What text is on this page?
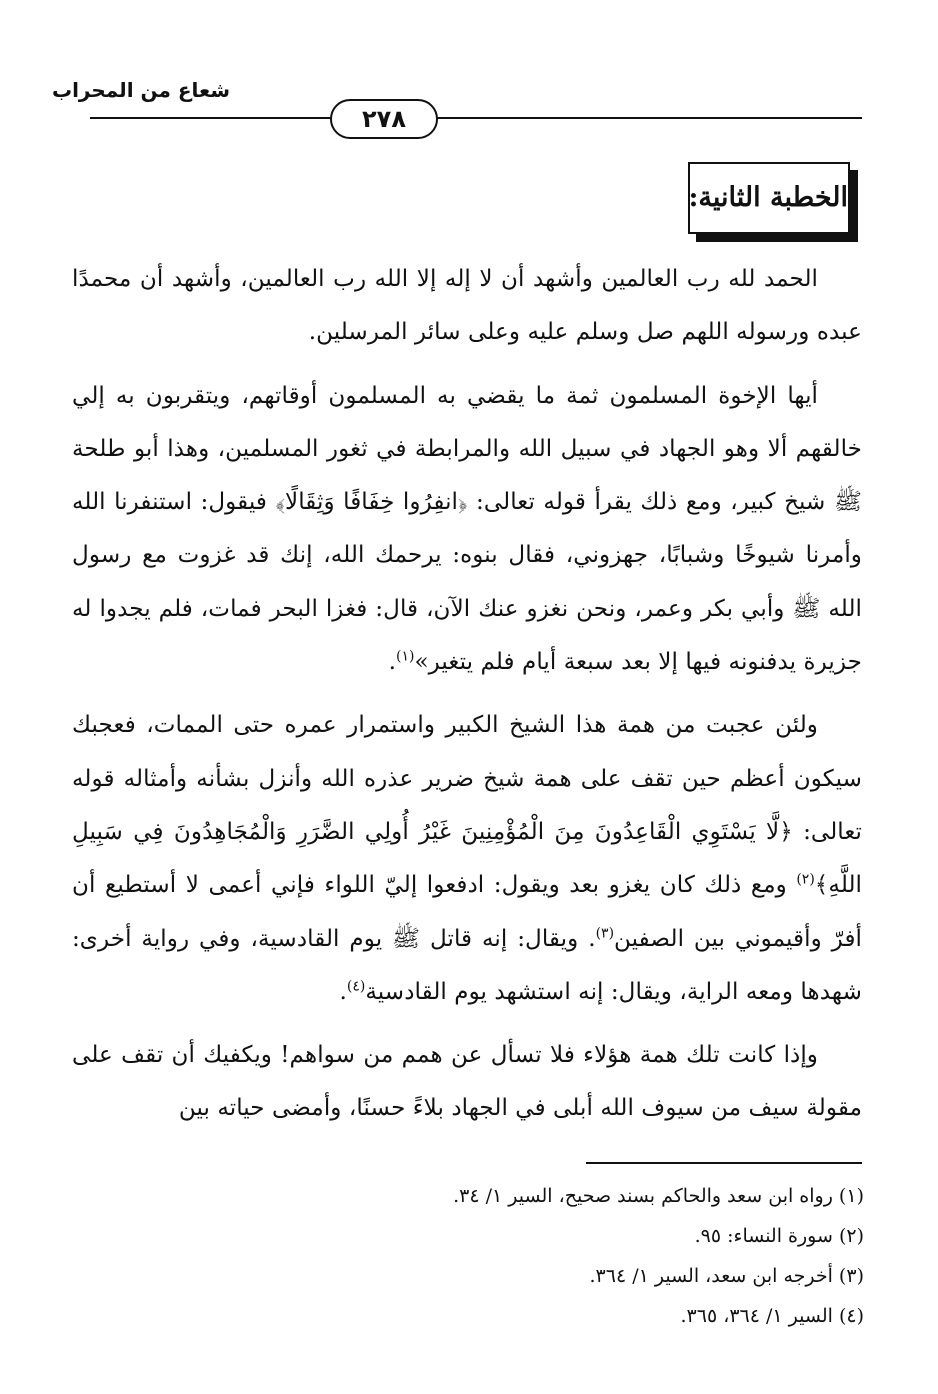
شعاع من المحراب
٢٧٨
الخطبة الثانية:

الحمد لله رب العالمين وأشهد أن لا إله إلا الله رب العالمين، وأشهد أن محمدًا عبده ورسوله اللهم صل وسلم عليه وعلى سائر المرسلين.

أيها الإخوة المسلمون ثمة ما يقضي به المسلمون أوقاتهم، ويتقربون به إلي خالقهم ألا وهو الجهاد في سبيل الله والمرابطة في ثغور المسلمين، وهذا أبو طلحة ﷺ شيخ كبير، ومع ذلك يقرأ قوله تعالى: ﴿انفِرُوا خِفَافًا وَثِقَالًا﴾ فيقول: استنفرنا الله وأمرنا شيوخًا وشبابًا، جهزوني، فقال بنوه: يرحمك الله، إنك قد غزوت مع رسول الله ﷺ وأبي بكر وعمر، ونحن نغزو عنك الآن، قال: فغزا البحر فمات، فلم يجدوا له جزيرة يدفنونه فيها إلا بعد سبعة أيام فلم يتغير»$^{(١)}$.

ولئن عجبت من همة هذا الشيخ الكبير واستمرار عمره حتى الممات، فعجبك سيكون أعظم حين تقف على همة شيخ ضرير عذره الله وأنزل بشأنه وأمثاله قوله تعالى: ﴿لَّا يَسْتَوِي الْقَاعِدُونَ مِنَ الْمُؤْمِنِينَ غَيْرُ أُولِي الضَّرَرِ وَالْمُجَاهِدُونَ فِي سَبِيلِ اللَّهِ﴾$^{(٢)}$ ومع ذلك كان يغزو بعد ويقول: ادفعوا إليّ اللواء فإني أعمى لا أستطيع أن أفرّ وأقيموني بين الصفين$^{(٣)}$. ويقال: إنه قاتل ﷺ يوم القادسية، وفي رواية أخرى: شهدها ومعه الراية، ويقال: إنه استشهد يوم القادسية$^{(٤)}$.

وإذا كانت تلك همة هؤلاء فلا تسأل عن همم من سواهم! ويكفيك أن تقف على مقولة سيف من سيوف الله أبلى في الجهاد بلاءً حسنًا، وأمضى حياته بين

(١) رواه ابن سعد والحاكم بسند صحيح، السير ١/ ٣٤.
(٢) سورة النساء: ٩٥.
(٣) أخرجه ابن سعد، السير ١/ ٣٦٤.
(٤) السير ١/ ٣٦٤، ٣٦٥.
